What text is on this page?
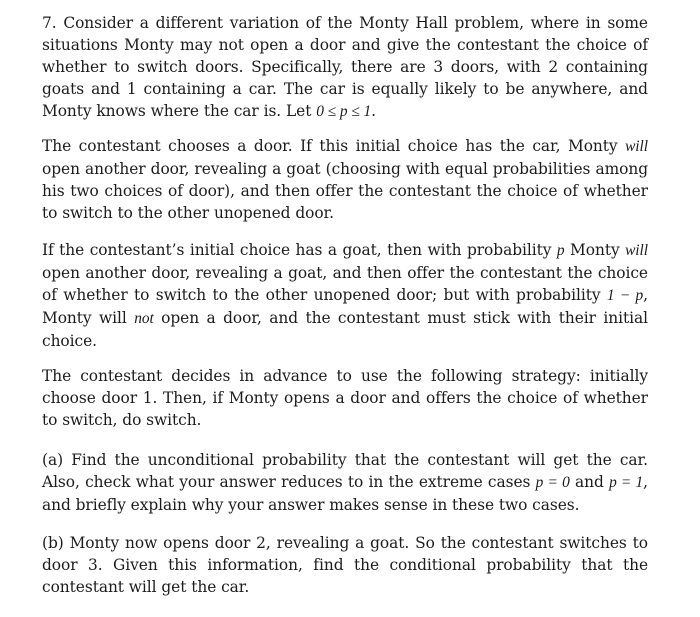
7. Consider a different variation of the Monty Hall problem, where in some situations Monty may not open a door and give the contestant the choice of whether to switch doors. Specifically, there are 3 doors, with 2 containing goats and 1 containing a car. The car is equally likely to be anywhere, and Monty knows where the car is. Let 0 ≤ p ≤ 1.

The contestant chooses a door. If this initial choice has the car, Monty will open another door, revealing a goat (choosing with equal probabilities among his two choices of door), and then offer the contestant the choice of whether to switch to the other unopened door.

If the contestant’s initial choice has a goat, then with probability p Monty will open another door, revealing a goat, and then offer the contestant the choice of whether to switch to the other unopened door; but with probability 1 − p, Monty will not open a door, and the contestant must stick with their initial choice.

The contestant decides in advance to use the following strategy: initially choose door 1. Then, if Monty opens a door and offers the choice of whether to switch, do switch.

(a) Find the unconditional probability that the contestant will get the car. Also, check what your answer reduces to in the extreme cases p = 0 and p = 1, and briefly explain why your answer makes sense in these two cases.

(b) Monty now opens door 2, revealing a goat. So the contestant switches to door 3. Given this information, find the conditional probability that the contestant will get the car.
